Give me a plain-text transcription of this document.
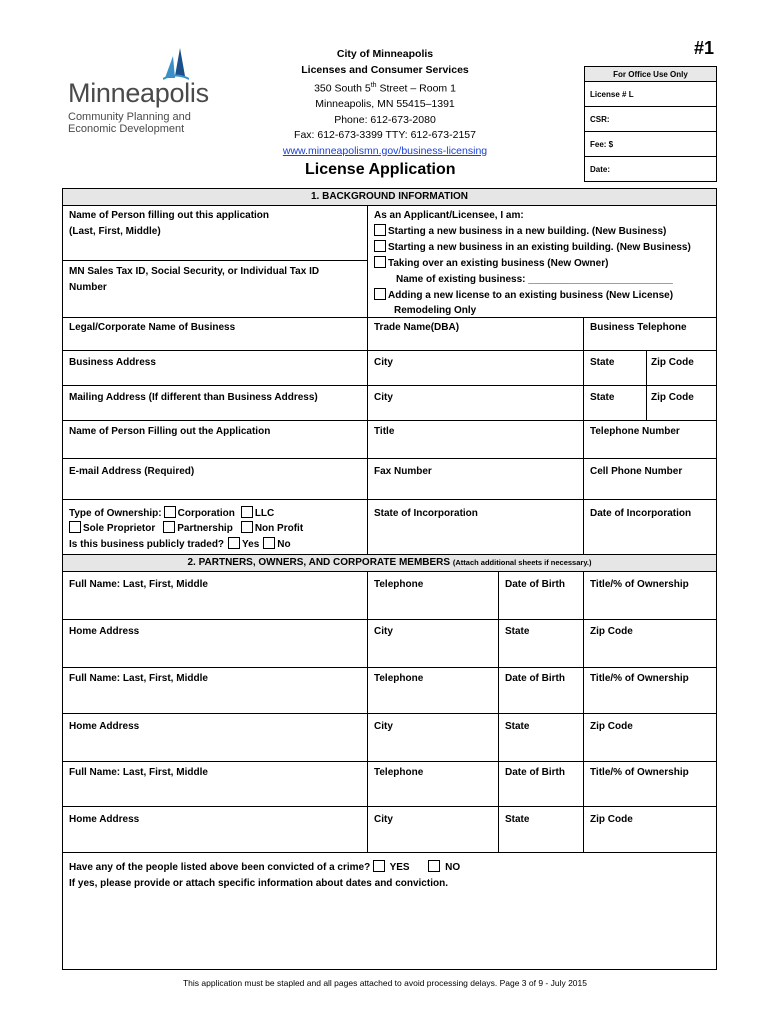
Minneapolis
Community Planning and
Economic Development
City of Minneapolis
Licenses and Consumer Services
350 South 5th Street – Room 1
Minneapolis, MN 55415–1391
Phone: 612-673-2080
Fax: 612-673-3399 TTY: 612-673-2157
www.minneapolismn.gov/business-licensing
#1
For Office Use Only
License # L
CSR:
Fee: $
Date:
License Application
1. BACKGROUND INFORMATION
Name of Person filling out this application
(Last, First, Middle)
MN Sales Tax ID, Social Security, or Individual Tax ID
Number
As an Applicant/Licensee, I am:
Starting a new business in a new building. (New Business)
Starting a new business in an existing building. (New Business)
Taking over an existing business (New Owner)
Name of existing business: __________________________
Adding a new license to an existing business (New License)
Remodeling Only
Legal/Corporate Name of Business	Trade Name(DBA)	Business Telephone
Business Address	City	State	Zip Code
Mailing Address (If different than Business Address)	City	State	Zip Code
Name of Person Filling out the Application	Title	Telephone Number
E-mail Address (Required)	Fax Number	Cell Phone Number
Type of Ownership: Corporation LLC
Sole Proprietor Partnership Non Profit
Is this business publicly traded? Yes No
State of Incorporation	Date of Incorporation
2. PARTNERS, OWNERS, AND CORPORATE MEMBERS (Attach additional sheets if necessary.)
Full Name: Last, First, Middle	Telephone	Date of Birth	Title/% of Ownership
Home Address	City	State	Zip Code
Full Name: Last, First, Middle	Telephone	Date of Birth	Title/% of Ownership
Home Address	City	State	Zip Code
Full Name: Last, First, Middle	Telephone	Date of Birth	Title/% of Ownership
Home Address	City	State	Zip Code
Have any of the people listed above been convicted of a crime? YES	NO
If yes, please provide or attach specific information about dates and conviction.
This application must be stapled and all pages attached to avoid processing delays. Page 3 of 9 - July 2015
